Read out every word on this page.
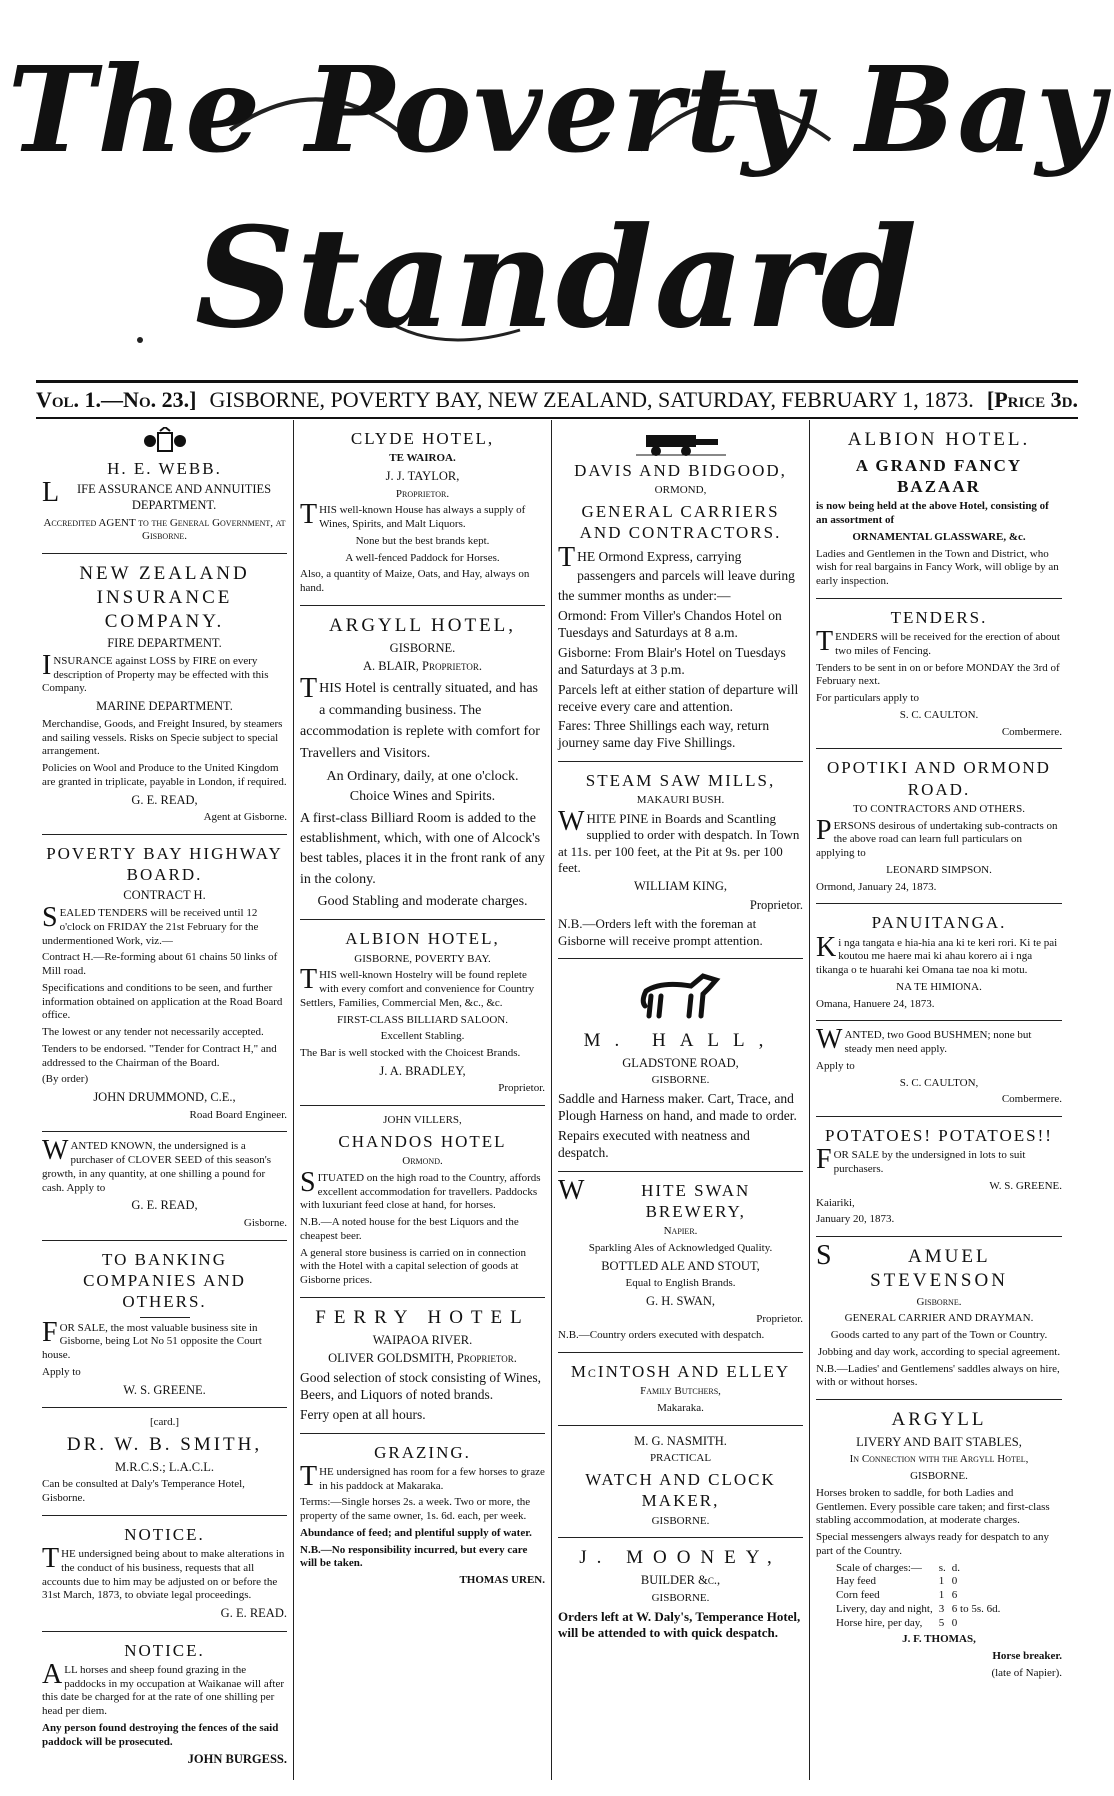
The Poverty Bay
Standard
Vol. 1.—No. 23.] GISBORNE, POVERTY BAY, NEW ZEALAND, SATURDAY, FEBRUARY 1, 1873. [Price 3d.
H. E. WEBB.

LIFE ASSURANCE AND ANNUITIES DEPARTMENT.

Accredited AGENT to the General Government, at Gisborne.

NEW ZEALAND INSURANCE COMPANY.

FIRE DEPARTMENT.

INSURANCE against LOSS by FIRE on every description of Property may be effected with this Company.

MARINE DEPARTMENT.

Merchandise, Goods, and Freight Insured, by steamers and sailing vessels. Risks on Specie subject to special arrangement.

Policies on Wool and Produce to the United Kingdom are granted in triplicate, payable in London, if required.

G. E. READ,

Agent at Gisborne.

POVERTY BAY HIGHWAY BOARD.

CONTRACT H.

SEALED TENDERS will be received until 12 o'clock on FRIDAY the 21st February for the undermentioned Work, viz.—

Contract H.—Re-forming about 61 chains 50 links of Mill road.

Specifications and conditions to be seen, and further information obtained on application at the Road Board office.

The lowest or any tender not necessarily accepted.

Tenders to be endorsed. "Tender for Contract H," and addressed to the Chairman of the Board.

(By order)

JOHN DRUMMOND, C.E.,

Road Board Engineer.

WANTED KNOWN, the undersigned is a purchaser of CLOVER SEED of this season's growth, in any quantity, at one shilling a pound for cash. Apply to

G. E. READ,

Gisborne.

TO BANKING COMPANIES AND OTHERS.

FOR SALE, the most valuable business site in Gisborne, being Lot No 51 opposite the Court house.

Apply to

W. S. GREENE.

[card.]

DR. W. B. SMITH,

M.R.C.S.; L.A.C.L.

Can be consulted at Daly's Temperance Hotel, Gisborne.

NOTICE.

THE undersigned being about to make alterations in the conduct of his business, requests that all accounts due to him may be adjusted on or before the 31st March, 1873, to obviate legal proceedings.

G. E. READ.

NOTICE.

ALL horses and sheep found grazing in the paddocks in my occupation at Waikanae will after this date be charged for at the rate of one shilling per head per diem.

Any person found destroying the fences of the said paddock will be prosecuted.

JOHN BURGESS.

CLYDE HOTEL,

TE WAIROA.

J. J. TAYLOR,

Proprietor.

THIS well-known House has always a supply of Wines, Spirits, and Malt Liquors.

None but the best brands kept.

A well-fenced Paddock for Horses.

Also, a quantity of Maize, Oats, and Hay, always on hand.

ARGYLL HOTEL,

GISBORNE.

A. BLAIR, Proprietor.

THIS Hotel is centrally situated, and has a commanding business. The accommodation is replete with comfort for Travellers and Visitors.

An Ordinary, daily, at one o'clock.

Choice Wines and Spirits.

A first-class Billiard Room is added to the establishment, which, with one of Alcock's best tables, places it in the front rank of any in the colony.

Good Stabling and moderate charges.

ALBION HOTEL,

GISBORNE, POVERTY BAY.

THIS well-known Hostelry will be found replete with every comfort and convenience for Country Settlers, Families, Commercial Men, &c., &c.

FIRST-CLASS BILLIARD SALOON.

Excellent Stabling.

The Bar is well stocked with the Choicest Brands.

J. A. BRADLEY,

Proprietor.

JOHN VILLERS,

CHANDOS HOTEL

Ormond.

SITUATED on the high road to the Country, affords excellent accommodation for travellers. Paddocks with luxuriant feed close at hand, for horses.

N.B.—A noted house for the best Liquors and the cheapest beer.

A general store business is carried on in connection with the Hotel with a capital selection of goods at Gisborne prices.

FERRY HOTEL

WAIPAOA RIVER.

OLIVER GOLDSMITH, Proprietor.

Good selection of stock consisting of Wines, Beers, and Liquors of noted brands.

Ferry open at all hours.

GRAZING.

THE undersigned has room for a few horses to graze in his paddock at Makaraka.

Terms:—Single horses 2s. a week. Two or more, the property of the same owner, 1s. 6d. each, per week.

Abundance of feed; and plentiful supply of water.

N.B.—No responsibility incurred, but every care will be taken.

THOMAS UREN.

DAVIS AND BIDGOOD,

ORMOND,

GENERAL CARRIERS AND CONTRACTORS.

THE Ormond Express, carrying passengers and parcels will leave during the summer months as under:—

Ormond: From Viller's Chandos Hotel on Tuesdays and Saturdays at 8 a.m.

Gisborne: From Blair's Hotel on Tuesdays and Saturdays at 3 p.m.

Parcels left at either station of departure will receive every care and attention.

Fares: Three Shillings each way, return journey same day Five Shillings.

STEAM SAW MILLS,

MAKAURI BUSH.

WHITE PINE in Boards and Scantling supplied to order with despatch. In Town at 11s. per 100 feet, at the Pit at 9s. per 100 feet.

WILLIAM KING,

Proprietor.

N.B.—Orders left with the foreman at Gisborne will receive prompt attention.

M. HALL,

GLADSTONE ROAD,

GISBORNE.

Saddle and Harness maker. Cart, Trace, and Plough Harness on hand, and made to order.

Repairs executed with neatness and despatch.

WHITE SWAN BREWERY,

Napier.

Sparkling Ales of Acknowledged Quality.

BOTTLED ALE AND STOUT,

Equal to English Brands.

G. H. SWAN,

Proprietor.

N.B.—Country orders executed with despatch.

McINTOSH AND ELLEY

Family Butchers,

Makaraka.

M. G. NASMITH.

PRACTICAL

WATCH AND CLOCK MAKER,

GISBORNE.

J. MOONEY,

BUILDER &c.,

GISBORNE.

Orders left at W. Daly's, Temperance Hotel, will be attended to with quick despatch.

ALBION HOTEL.
A GRAND FANCY BAZAAR

is now being held at the above Hotel, consisting of an assortment of

ORNAMENTAL GLASSWARE, &c.

Ladies and Gentlemen in the Town and District, who wish for real bargains in Fancy Work, will oblige by an early inspection.

TENDERS.

TENDERS will be received for the erection of about two miles of Fencing.

Tenders to be sent in on or before MONDAY the 3rd of February next.

For particulars apply to

S. C. CAULTON.

Combermere.

OPOTIKI AND ORMOND ROAD.

TO CONTRACTORS AND OTHERS.

PERSONS desirous of undertaking sub-contracts on the above road can learn full particulars on applying to

LEONARD SIMPSON.

Ormond, January 24, 1873.

PANUITANGA.

Ki nga tangata e hia-hia ana ki te keri rori. Ki te pai koutou me haere mai ki ahau korero ai i nga tikanga o te huarahi kei Omana tae noa ki motu.

NA TE HIMIONA.

Omana, Hanuere 24, 1873.

WANTED, two Good BUSHMEN; none but steady men need apply.

Apply to

S. C. CAULTON,

Combermere.

POTATOES! POTATOES!!

FOR SALE by the undersigned in lots to suit purchasers.

W. S. GREENE.

Kaiariki,

January 20, 1873.

SAMUEL STEVENSON

Gisborne.

GENERAL CARRIER AND DRAYMAN.

Goods carted to any part of the Town or Country.

Jobbing and day work, according to special agreement.

N.B.—Ladies' and Gentlemens' saddles always on hire, with or without horses.

ARGYLL

LIVERY AND BAIT STABLES,

In Connection with the Argyll Hotel,

GISBORNE.

Horses broken to saddle, for both Ladies and Gentlemen. Every possible care taken; and first-class stabling accommodation, at moderate charges.

Special messengers always ready for despatch to any part of the Country.

Scale of charges:—	s.	d.
Hay feed	1	0
Corn feed	1	6
Livery, day and night,	3	6 to 5s. 6d.
Horse hire, per day,	5	0

J. F. THOMAS,

Horse breaker.

(late of Napier).
